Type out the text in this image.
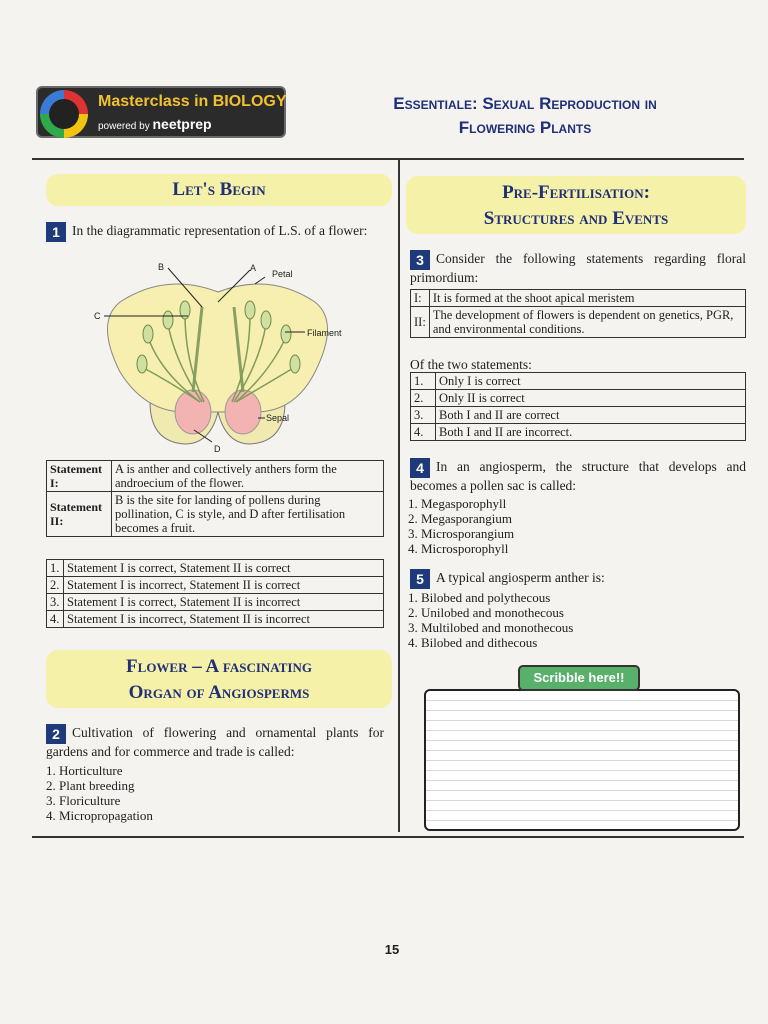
Masterclass in BIOLOGY
powered by neetprep
Essentiale: Sexual Reproduction in
Flowering Plants
Let's Begin
1 In the diagrammatic representation of L.S. of a flower:
B	A
Petal
C
Filament
Sepal
D
Statement I:	A is anther and collectively anthers form the androecium of the flower.
Statement II:	B is the site for landing of pollens during pollination, C is style, and D after fertilisation becomes a fruit.
1.	Statement I is correct, Statement II is correct
2.	Statement I is incorrect, Statement II is correct
3.	Statement I is correct, Statement II is incorrect
4.	Statement I is incorrect, Statement II is incorrect
Flower – A fascinating
Organ of Angiosperms
2 Cultivation of flowering and ornamental plants for gardens and for commerce and trade is called:
1. Horticulture
2. Plant breeding
3. Floriculture
4. Micropropagation
Pre-Fertilisation:
Structures and Events
3 Consider the following statements regarding floral primordium:
I:	It is formed at the shoot apical meristem
II:	The development of flowers is dependent on genetics, PGR, and environmental conditions.
Of the two statements:
1.	Only I is correct
2.	Only II is correct
3.	Both I and II are correct
4.	Both I and II are incorrect.
4 In an angiosperm, the structure that develops and becomes a pollen sac is called:
1. Megasporophyll
2. Megasporangium
3. Microsporangium
4. Microsporophyll
5 A typical angiosperm anther is:
1. Bilobed and polythecous
2. Unilobed and monothecous
3. Multilobed and monothecous
4. Bilobed and dithecous
Scribble here!!
15
